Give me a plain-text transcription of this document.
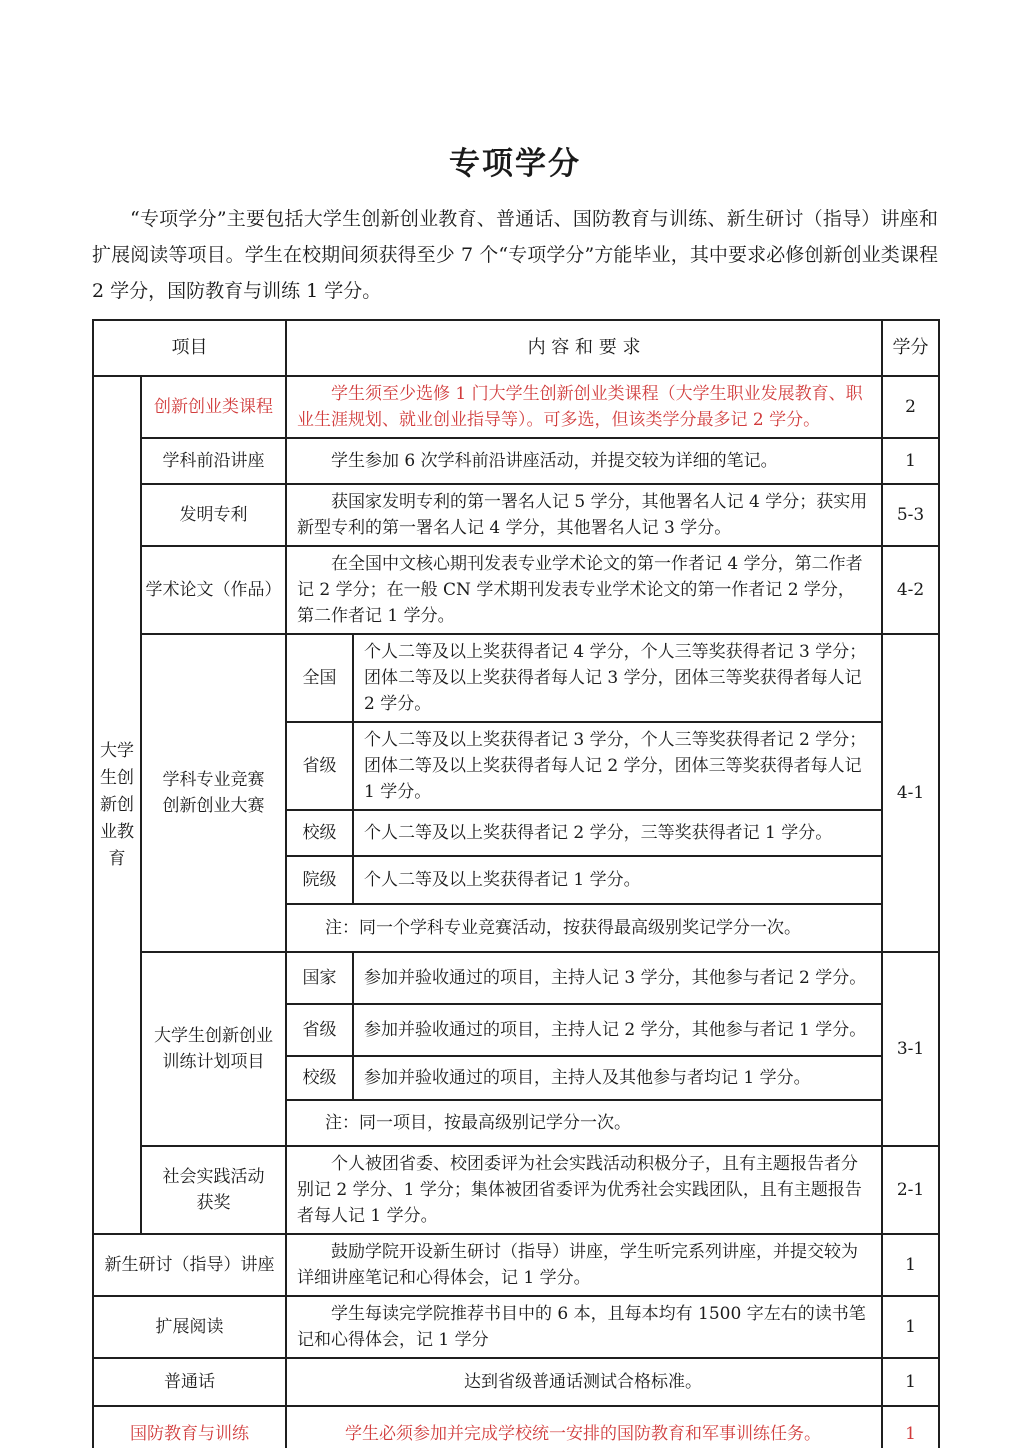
专项学分

“专项学分”主要包括大学生创新创业教育、普通话、国防教育与训练、新生研讨（指导）讲座和扩展阅读等项目。学生在校期间须获得至少 7 个“专项学分”方能毕业，其中要求必修创新创业类课程 2 学分，国防教育与训练 1 学分。

项目		内 容 和 要 求		学分
大学生创新创业教育	创新创业类课程	学生须至少选修 1 门大学生创新创业类课程（大学生职业发展教育、职业生涯规划、就业创业指导等）。可多选，但该类学分最多记 2 学分。		2
	学科前沿讲座	学生参加 6 次学科前沿讲座活动，并提交较为详细的笔记。		1
	发明专利	获国家发明专利的第一署名人记 5 学分，其他署名人记 4 学分；获实用新型专利的第一署名人记 4 学分，其他署名人记 3 学分。		5-3
	学术论文（作品）	在全国中文核心期刊发表专业学术论文的第一作者记 4 学分，第二作者记 2 学分；在一般 CN 学术期刊发表专业学术论文的第一作者记 2 学分，第二作者记 1 学分。		4-2

	学科专业竞赛
创新创业大赛	全国	个人二等及以上奖获得者记 4 学分，个人三等奖获得者记 3 学分；团体二等及以上奖获得者每人记 3 学分，团体三等奖获得者每人记 2 学分。	4-1
		省级	个人二等及以上奖获得者记 3 学分，个人三等奖获得者记 2 学分；团体二等及以上奖获得者每人记 2 学分，团体三等奖获得者每人记 1 学分。	
		校级	个人二等及以上奖获得者记 2 学分，三等奖获得者记 1 学分。	
		院级	个人二等及以上奖获得者记 1 学分。	
		注：同一个学科专业竞赛活动，按获得最高级别奖记学分一次。		

	大学生创新创业
训练计划项目	国家	参加并验收通过的项目，主持人记 3 学分，其他参与者记 2 学分。	3-1
		省级	参加并验收通过的项目，主持人记 2 学分，其他参与者记 1 学分。	
		校级	参加并验收通过的项目，主持人及其他参与者均记 1 学分。	
		注：同一项目，按最高级别记学分一次。		

	社会实践活动
获奖	个人被团省委、校团委评为社会实践活动积极分子，且有主题报告者分别记 2 学分、1 学分；集体被团省委评为优秀社会实践团队，且有主题报告者每人记 1 学分。		2-1
新生研讨（指导）讲座		鼓励学院开设新生研讨（指导）讲座，学生听完系列讲座，并提交较为详细讲座笔记和心得体会，记 1 学分。		1
扩展阅读		学生每读完学院推荐书目中的 6 本，且每本均有 1500 字左右的读书笔记和心得体会，记 1 学分		1
普通话		达到省级普通话测试合格标准。		1
国防教育与训练		学生必须参加并完成学校统一安排的国防教育和军事训练任务。		1
